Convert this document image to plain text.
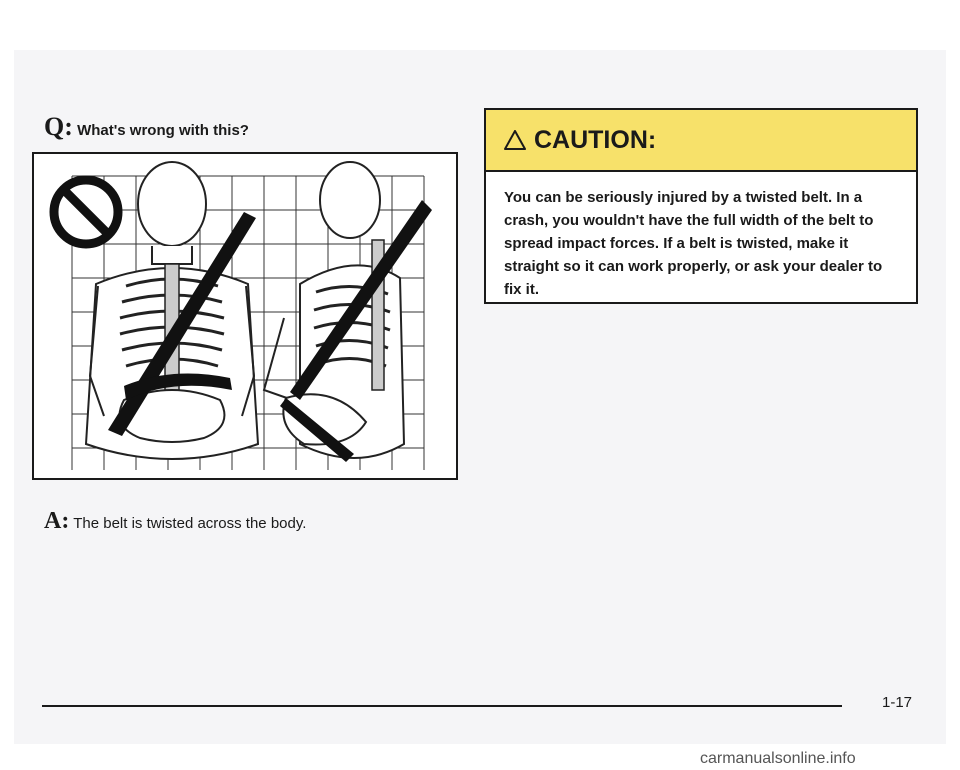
Q: What's wrong with this?
A: The belt is twisted across the body.
CAUTION:
You can be seriously injured by a twisted belt. In a crash, you wouldn't have the full width of the belt to spread impact forces. If a belt is twisted, make it straight so it can work properly, or ask your dealer to fix it.
1-17
carmanualsonline.info
